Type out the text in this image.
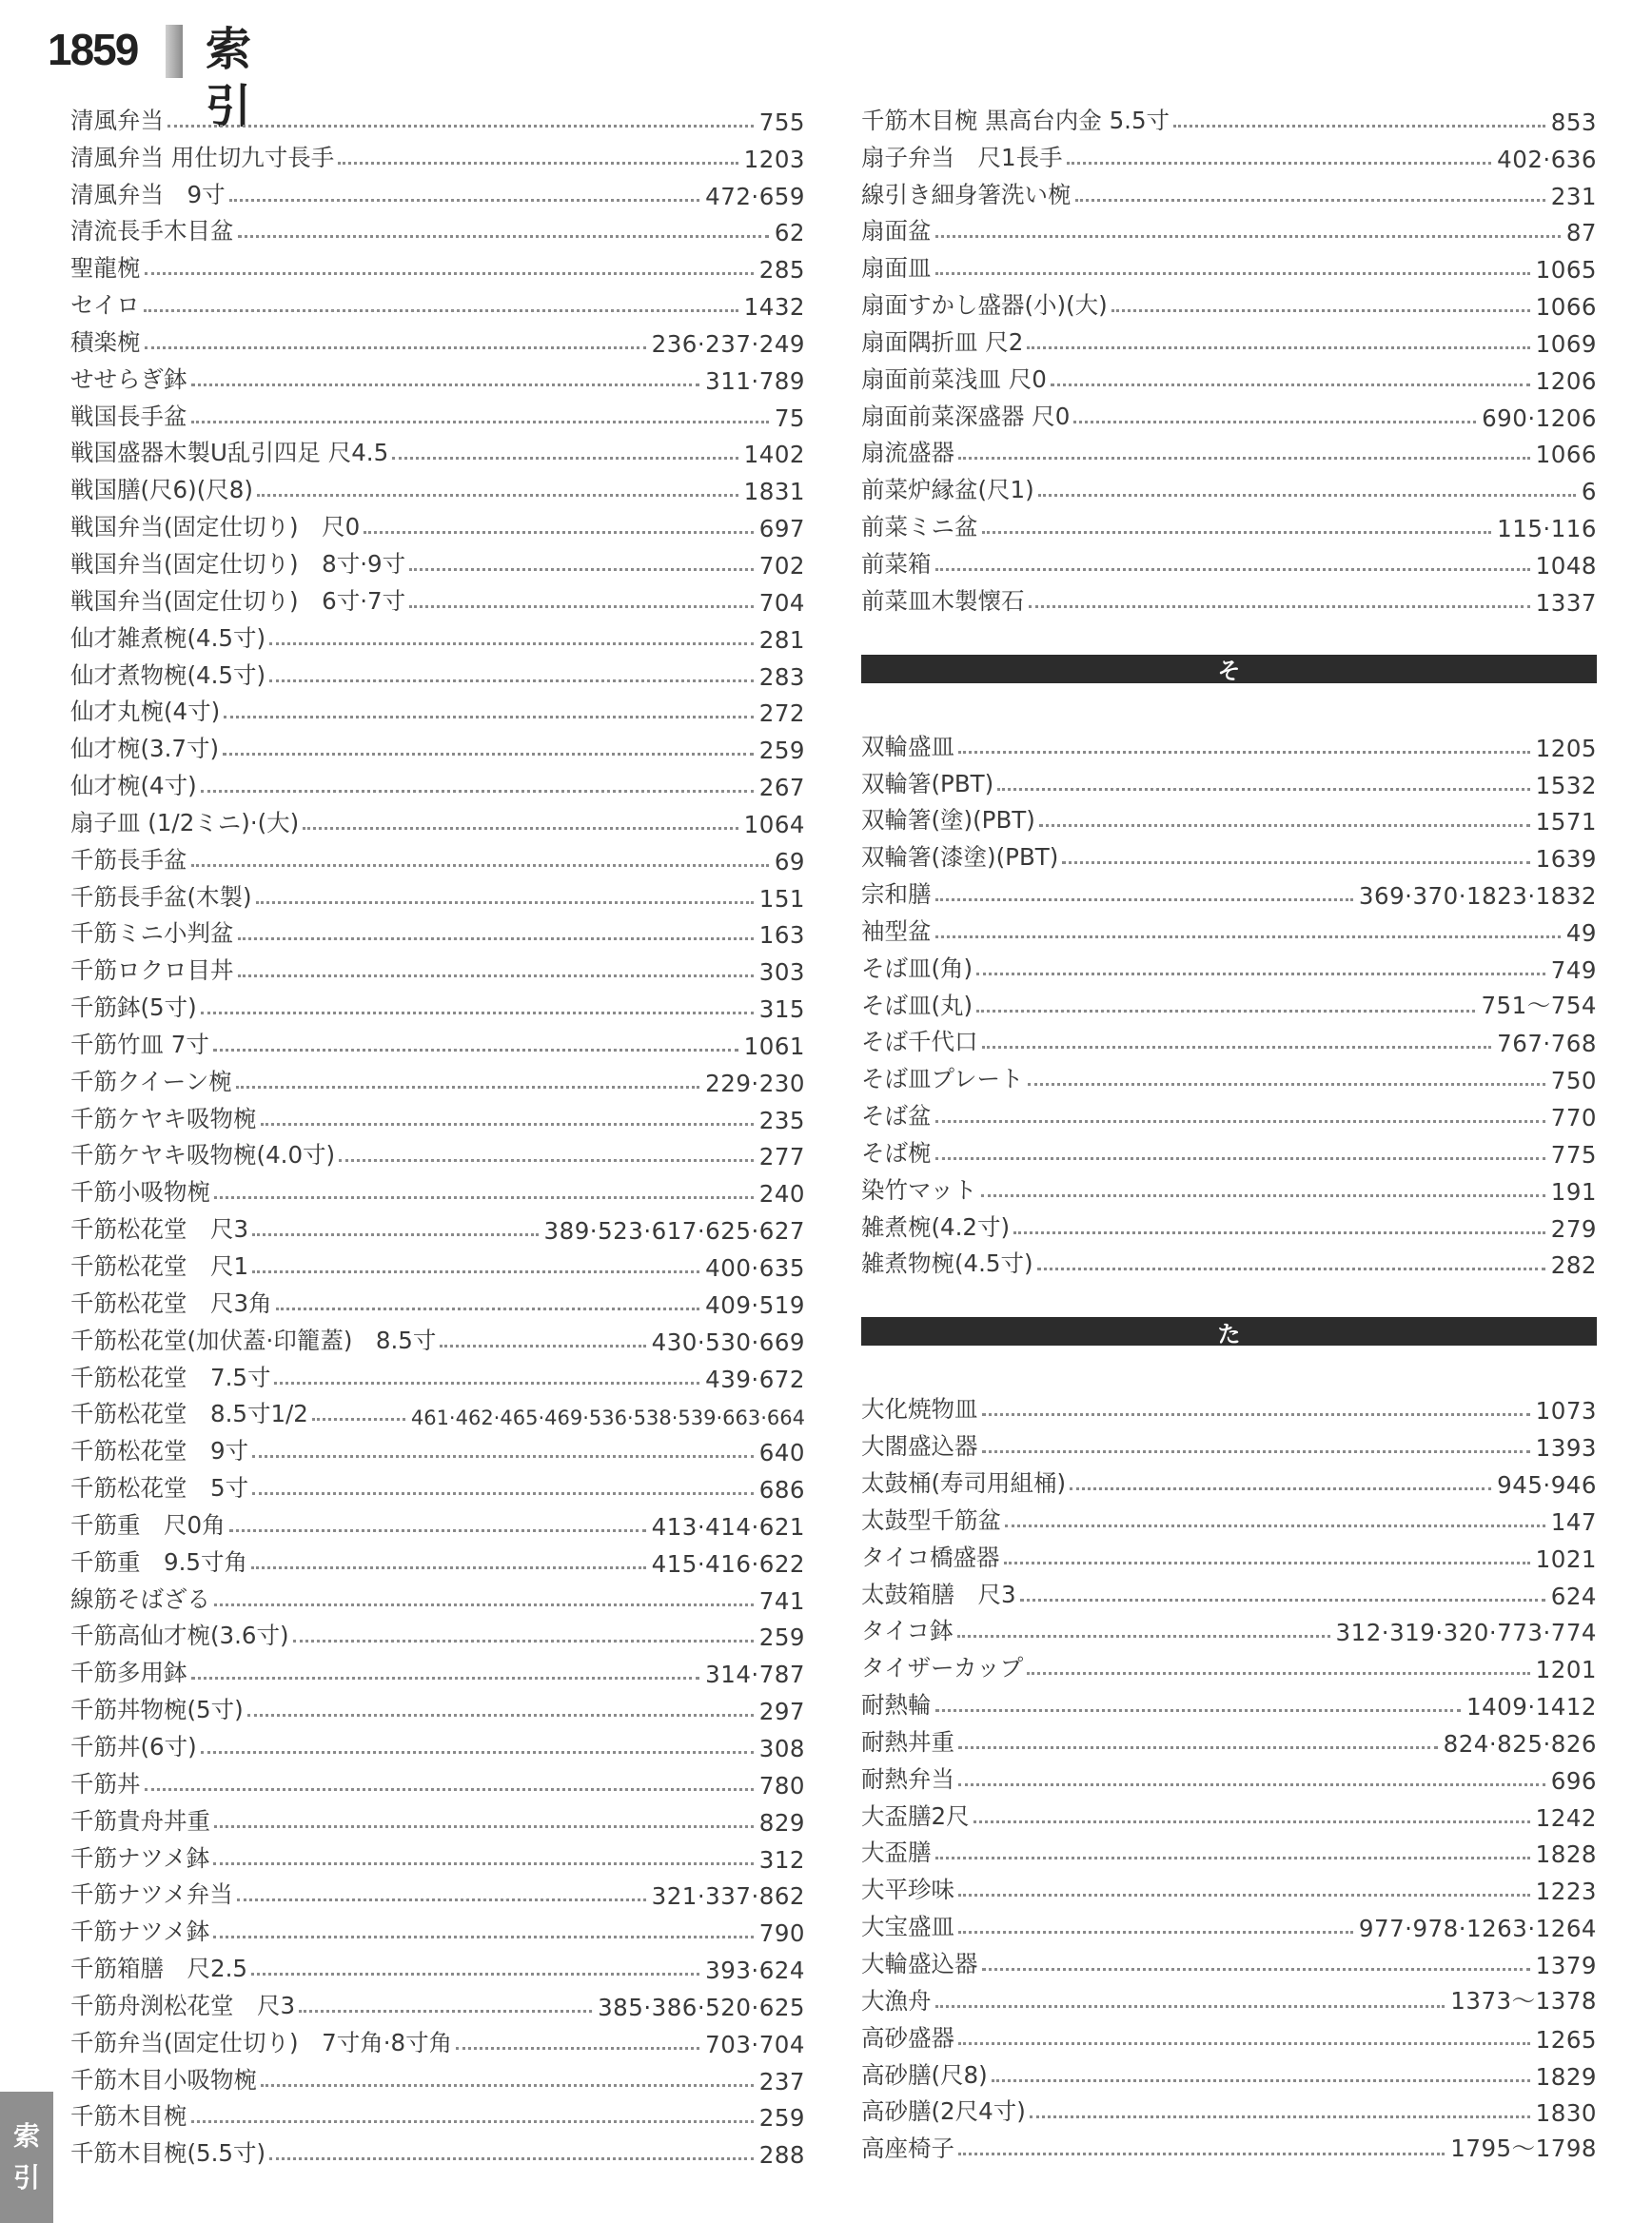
1859 索引
清風弁当	755
清風弁当 用仕切九寸長手	1203
清風弁当　9寸	472·659
清流長手木目盆	62
聖龍椀	285
セイロ	1432
積楽椀	236·237·249
せせらぎ鉢	311·789
戦国長手盆	75
戦国盛器木製U乱引四足 尺4.5	1402
戦国膳(尺6)(尺8)	1831
戦国弁当(固定仕切り)　尺0	697
戦国弁当(固定仕切り)　8寸·9寸	702
戦国弁当(固定仕切り)　6寸·7寸	704
仙才雑煮椀(4.5寸)	281
仙才煮物椀(4.5寸)	283
仙才丸椀(4寸)	272
仙才椀(3.7寸)	259
仙才椀(4寸)	267
扇子皿 (1/2ミニ)·(大)	1064
千筋長手盆	69
千筋長手盆(木製)	151
千筋ミニ小判盆	163
千筋ロクロ目丼	303
千筋鉢(5寸)	315
千筋竹皿 7寸	1061
千筋クイーン椀	229·230
千筋ケヤキ吸物椀	235
千筋ケヤキ吸物椀(4.0寸)	277
千筋小吸物椀	240
千筋松花堂　尺3	389·523·617·625·627
千筋松花堂　尺1	400·635
千筋松花堂　尺3角	409·519
千筋松花堂(加伏蓋·印籠蓋)　8.5寸	430·530·669
千筋松花堂　7.5寸	439·672
千筋松花堂　8.5寸1/2	461·462·465·469·536·538·539·663·664
千筋松花堂　9寸	640
千筋松花堂　5寸	686
千筋重　尺0角	413·414·621
千筋重　9.5寸角	415·416·622
線筋そばざる	741
千筋高仙才椀(3.6寸)	259
千筋多用鉢	314·787
千筋丼物椀(5寸)	297
千筋丼(6寸)	308
千筋丼	780
千筋貴舟丼重	829
千筋ナツメ鉢	312
千筋ナツメ弁当	321·337·862
千筋ナツメ鉢	790
千筋箱膳　尺2.5	393·624
千筋舟渕松花堂　尺3	385·386·520·625
千筋弁当(固定仕切り)　7寸角·8寸角	703·704
千筋木目小吸物椀	237
千筋木目椀	259
千筋木目椀(5.5寸)	288
千筋木目椀 黒高台内金 5.5寸	853
扇子弁当　尺1長手	402·636
線引き細身箸洗い椀	231
扇面盆	87
扇面皿	1065
扇面すかし盛器(小)(大)	1066
扇面隅折皿 尺2	1069
扇面前菜浅皿 尺0	1206
扇面前菜深盛器 尺0	690·1206
扇流盛器	1066
前菜炉縁盆(尺1)	6
前菜ミニ盆	115·116
前菜箱	1048
前菜皿木製懐石	1337
そ
双輪盛皿	1205
双輪箸(PBT)	1532
双輪箸(塗)(PBT)	1571
双輪箸(漆塗)(PBT)	1639
宗和膳	369·370·1823·1832
袖型盆	49
そば皿(角)	749
そば皿(丸)	751〜754
そば千代口	767·768
そば皿プレート	750
そば盆	770
そば椀	775
染竹マット	191
雑煮椀(4.2寸)	279
雑煮物椀(4.5寸)	282
た
大化焼物皿	1073
大閤盛込器	1393
太鼓桶(寿司用組桶)	945·946
太鼓型千筋盆	147
タイコ橋盛器	1021
太鼓箱膳　尺3	624
タイコ鉢	312·319·320·773·774
タイザーカップ	1201
耐熱輪	1409·1412
耐熱丼重	824·825·826
耐熱弁当	696
大盃膳2尺	1242
大盃膳	1828
大平珍味	1223
大宝盛皿	977·978·1263·1264
大輪盛込器	1379
大漁舟	1373〜1378
高砂盛器	1265
高砂膳(尺8)	1829
高砂膳(2尺4寸)	1830
高座椅子	1795〜1798
索
引
